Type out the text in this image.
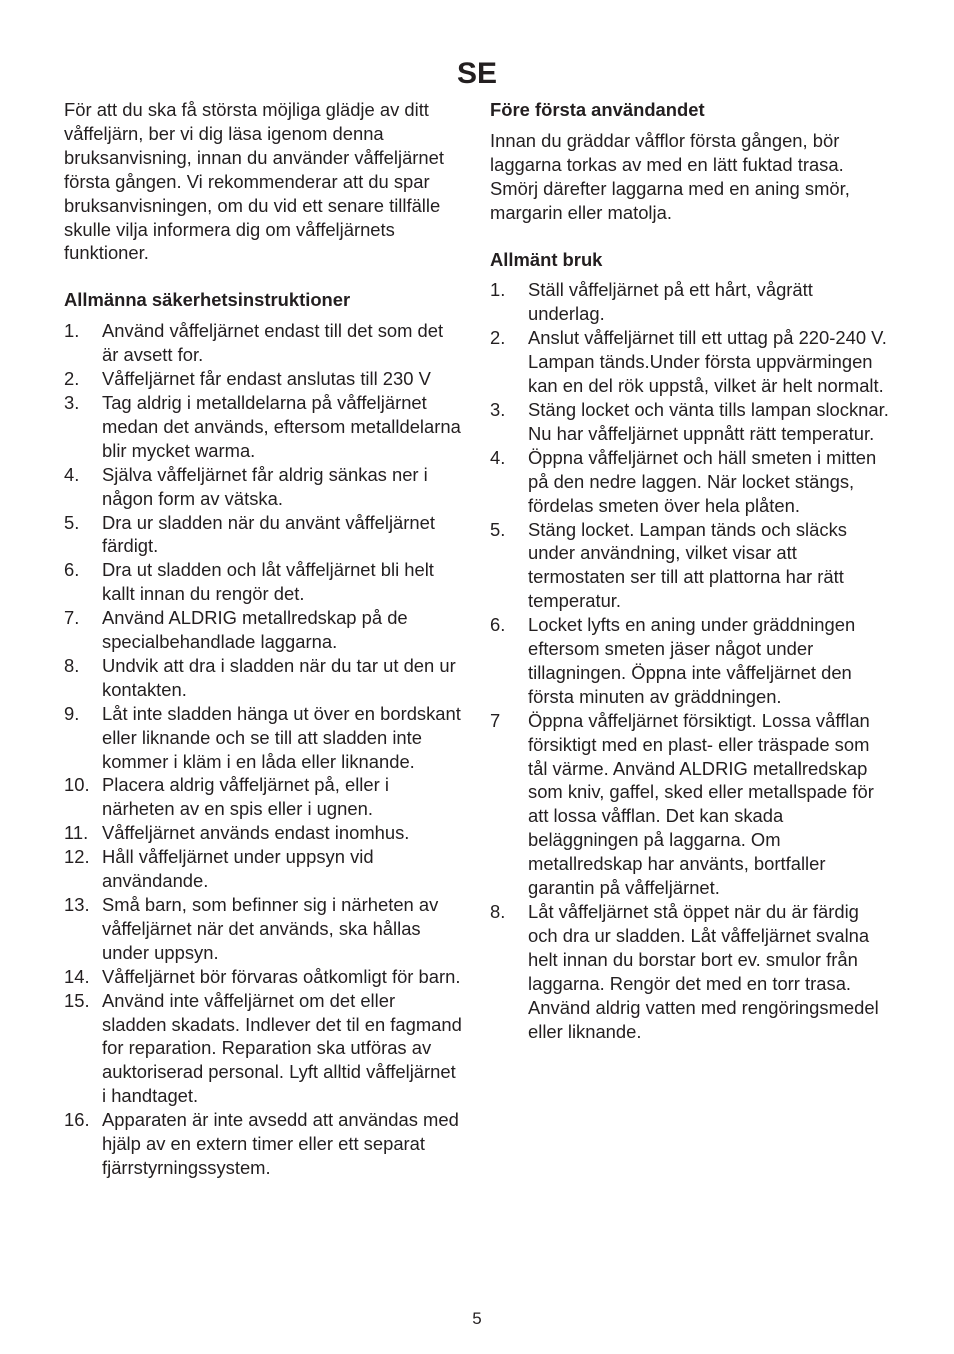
SE

För att du ska få största möjliga glädje av ditt våffeljärn, ber vi dig läsa igenom denna bruksanvisning, innan du använder våffeljärnet första gången. Vi rekommenderar att du spar bruksanvisningen, om du vid ett senare tillfälle skulle vilja informera dig om våffeljärnets funktioner.

Allmänna säkerhetsinstruktioner
1.	Använd våffeljärnet endast till det som det är avsett for.
2.	Våffeljärnet får endast anslutas till 230 V
3.	Tag aldrig i metalldelarna på våffeljärnet medan det används, eftersom metalldelarna blir mycket warma.
4.	Själva våffeljärnet får aldrig sänkas ner i någon form av vätska.
5.	Dra ur sladden när du använt våffeljärnet färdigt.
6.	Dra ut sladden och låt våffeljärnet bli helt kallt innan du rengör det.
7.	Använd ALDRIG metallredskap på de specialbehandlade laggarna.
8.	Undvik att dra i sladden när du tar ut den ur kontakten.
9.	Låt inte sladden hänga ut över en bordskant eller liknande och se till att sladden inte kommer i kläm i en låda eller liknande.
10. Placera aldrig våffeljärnet på, eller i närheten av en spis eller i ugnen.
11. Våffeljärnet används endast inomhus.
12. Håll våffeljärnet under uppsyn vid användande.
13. Små barn, som befinner sig i närheten av våffeljärnet när det används, ska hållas under uppsyn.
14. Våffeljärnet bör förvaras oåtkomligt för barn.
15. Använd inte våffeljärnet om det eller sladden skadats. Indlever det til en fagmand for reparation. Reparation ska utföras av auktoriserad personal. Lyft alltid våffeljärnet i handtaget.
16. Apparaten är inte avsedd att användas med hjälp av en extern timer eller ett separat fjärrstyrningssystem.
Före första användandet

Innan du gräddar våfflor första gången, bör laggarna torkas av med en lätt fuktad trasa. Smörj därefter laggarna med en aning smör, margarin eller matolja.

Allmänt bruk
1.	Ställ våffeljärnet på ett hårt, vågrätt underlag.
2.	Anslut våffeljärnet till ett uttag på 220-240 V. Lampan tänds.Under första uppvärmingen kan en del rök uppstå, vilket är helt normalt.
3.	Stäng locket och vänta tills lampan slocknar. Nu har våffeljärnet uppnått rätt temperatur.
4.	Öppna våffeljärnet och häll smeten i mitten på den nedre laggen. När locket stängs, fördelas smeten över hela plåten.
5.	Stäng locket. Lampan tänds och släcks under användning, vilket visar att termostaten ser till att plattorna har rätt temperatur.
6.	Locket lyfts en aning under gräddningen eftersom smeten jäser något under tillagningen. Öppna inte våffeljärnet den första minuten av gräddningen.
7	Öppna våffeljärnet försiktigt. Lossa våfflan försiktigt med en plast- eller träspade som tål värme. Använd ALDRIG metallredskap som kniv, gaffel, sked eller metallspade för att lossa våfflan. Det kan skada beläggningen på laggarna. Om metallredskap har använts, bortfaller garantin på våffeljärnet.
8.	Låt våffeljärnet stå öppet när du är färdig och dra ur sladden. Låt våffeljärnet svalna helt innan du borstar bort ev. smulor från laggarna. Rengör det med en torr trasa. Använd aldrig vatten med rengöringsmedel eller liknande.
5
